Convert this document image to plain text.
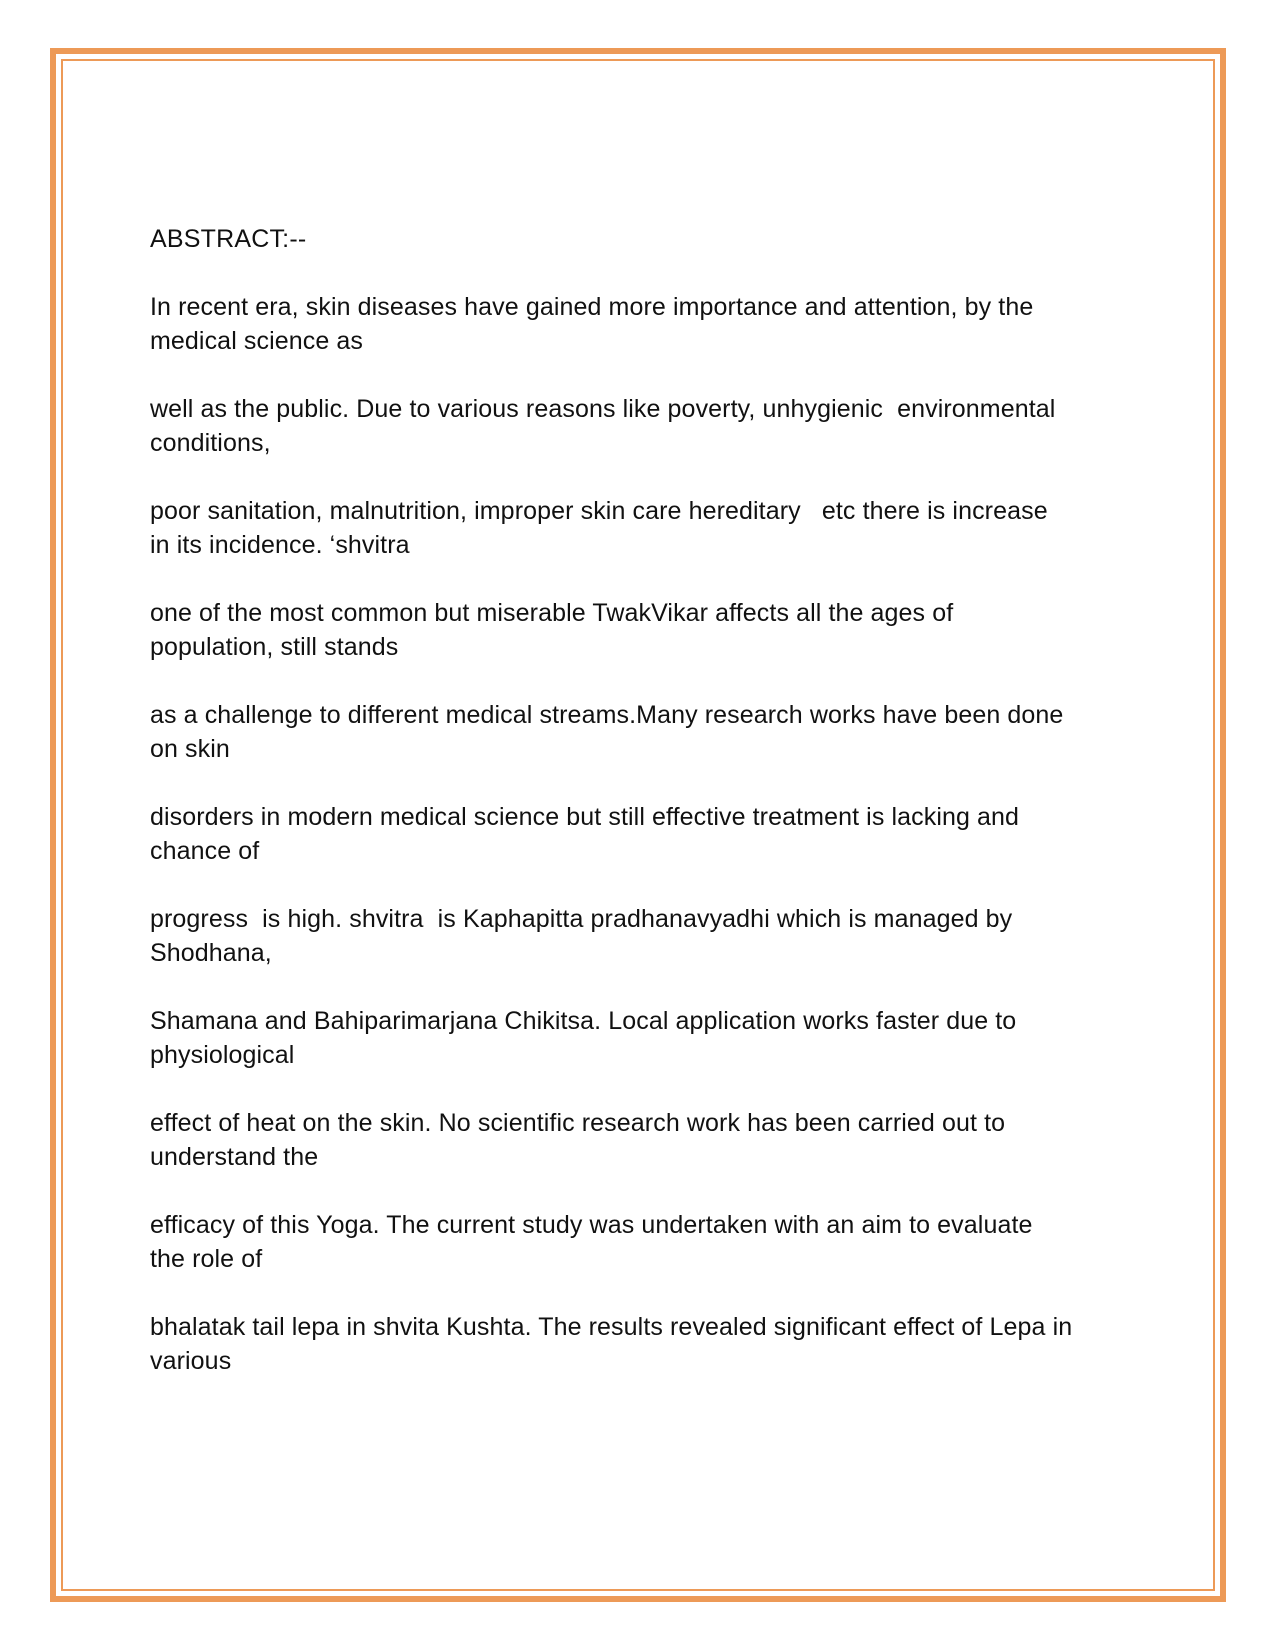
ABSTRACT:--
In recent era, skin diseases have gained more importance and attention, by the
medical science as
well as the public. Due to various reasons like poverty, unhygienic  environmental
conditions,
poor sanitation, malnutrition, improper skin care hereditary   etc there is increase
in its incidence. ‘shvitra
one of the most common but miserable TwakVikar affects all the ages of
population, still stands
as a challenge to different medical streams.Many research works have been done
on skin
disorders in modern medical science but still effective treatment is lacking and
chance of
progress  is high. shvitra  is Kaphapitta pradhanavyadhi which is managed by
Shodhana,
Shamana and Bahiparimarjana Chikitsa. Local application works faster due to
physiological
effect of heat on the skin. No scientific research work has been carried out to
understand the
efficacy of this Yoga. The current study was undertaken with an aim to evaluate
the role of
bhalatak tail lepa in shvita Kushta. The results revealed significant effect of Lepa in
various
